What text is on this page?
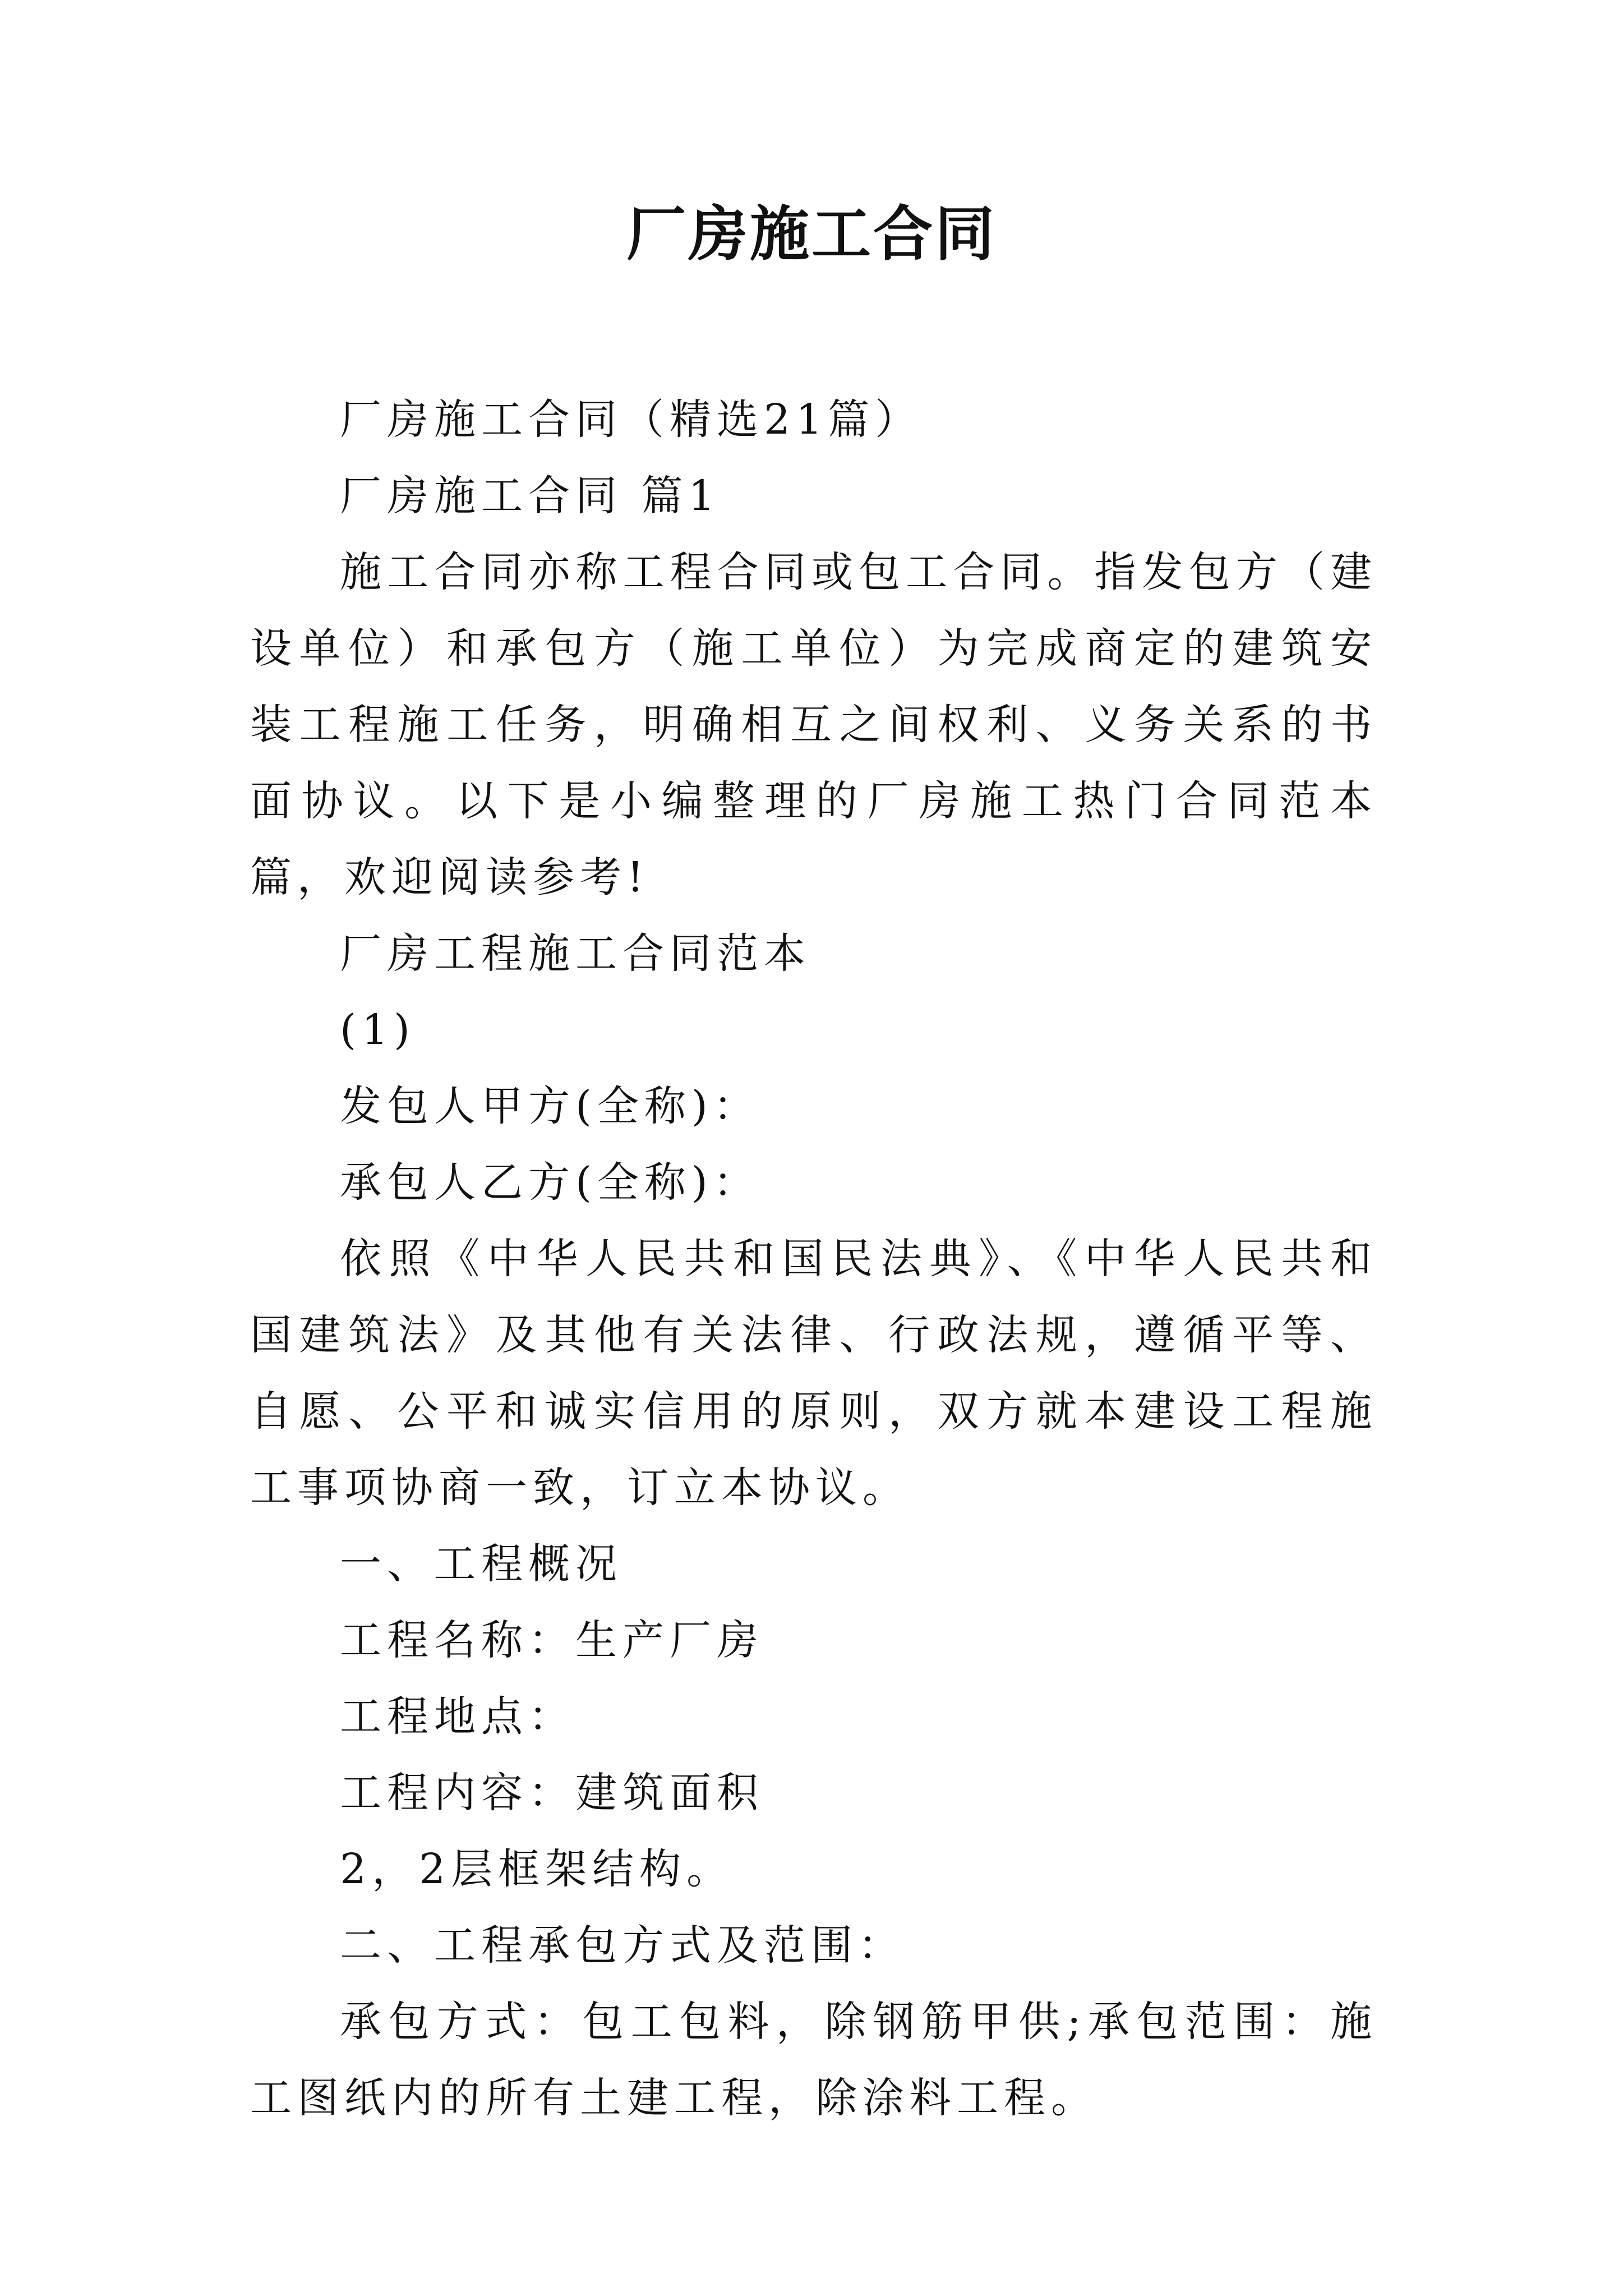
厂房施工合同

厂房施工合同（精选21篇）

厂房施工合同 篇1

施工合同亦称工程合同或包工合同。指发包方（建设单位）和承包方（施工单位）为完成商定的建筑安装工程施工任务，明确相互之间权利、义务关系的书面协议。以下是小编整理的厂房施工热门合同范本篇，欢迎阅读参考!

厂房工程施工合同范本

(1)

发包人甲方(全称)：

承包人乙方(全称)：

依照《中华人民共和国民法典》、《中华人民共和国建筑法》及其他有关法律、行政法规，遵循平等、自愿、公平和诚实信用的原则，双方就本建设工程施工事项协商一致，订立本协议。

一、工程概况

工程名称：生产厂房

工程地点：

工程内容：建筑面积

2，2层框架结构。

二、工程承包方式及范围：

承包方式：包工包料，除钢筋甲供;承包范围：施工图纸内的所有土建工程，除涂料工程。
